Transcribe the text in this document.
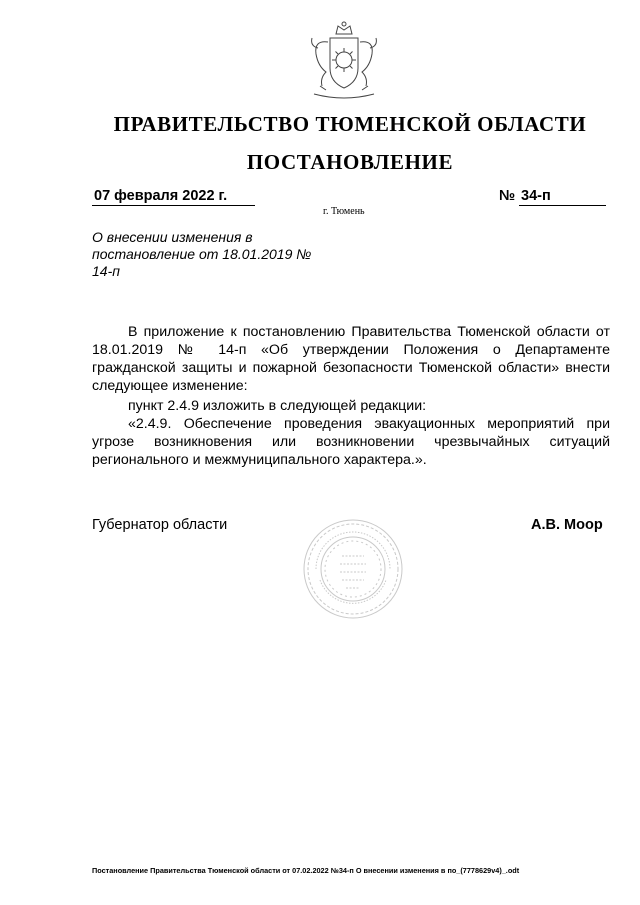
ПРАВИТЕЛЬСТВО ТЮМЕНСКОЙ ОБЛАСТИ
ПОСТАНОВЛЕНИЕ
07 февраля 2022 г.	№ 34-п
г. Тюмень
О внесении изменения в постановление от 18.01.2019 № 14-п
В приложение к постановлению Правительства Тюменской области от 18.01.2019 № 14-п «Об утверждении Положения о Департаменте гражданской защиты и пожарной безопасности Тюменской области» внести следующее изменение:
пункт 2.4.9 изложить в следующей редакции:
«2.4.9. Обеспечение проведения эвакуационных мероприятий при угрозе возникновения или возникновении чрезвычайных ситуаций регионального и межмуниципального характера.».
Губернатор области	А.В. Моор
Постановление Правительства Тюменской области от 07.02.2022 №34-п О внесении изменения в по_(7778629v4)_.odt
